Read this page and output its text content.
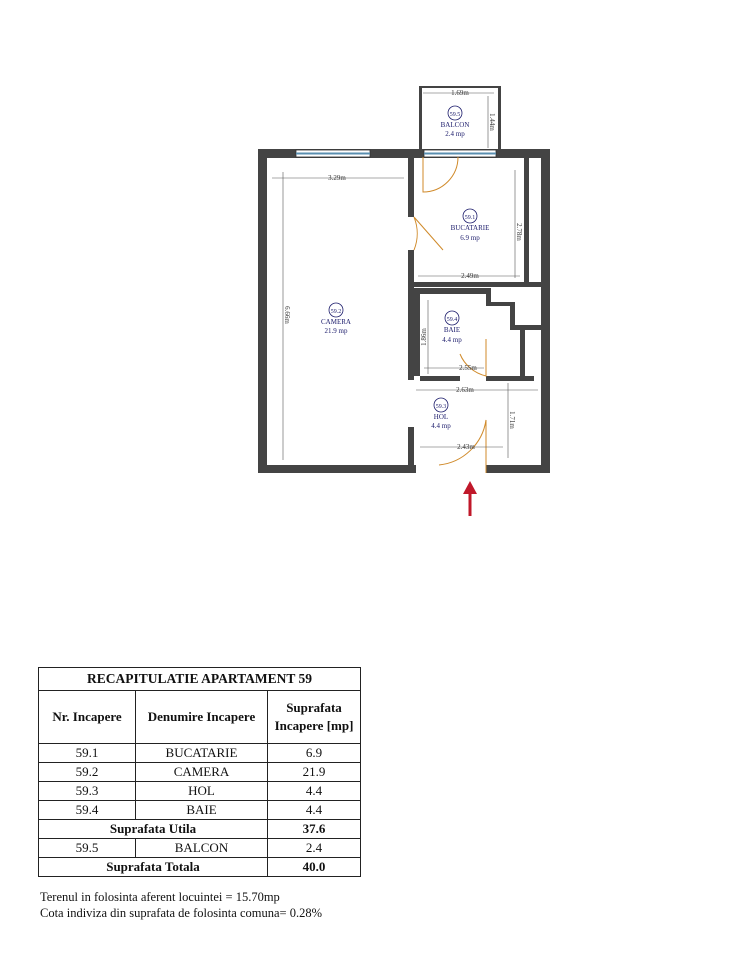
1.69m
1.44m
3.29m
6.66m
2.78m
2.49m
1.86m
2.55m
2.63m
1.71m
2.43m
59.5
BALCON
2.4 mp
59.1
BUCATARIE
6.9 mp
59.2
CAMERA
21.9 mp
59.4
BAIE
4.4 mp
59.3
HOL
4.4 mp
RECAPITULATIE APARTAMENT 59		
Nr. Incapere	Denumire Incapere	Suprafata
Incapere [mp]

59.1	BUCATARIE	6.9
59.2	CAMERA	21.9
59.3	HOL	4.4
59.4	BAIE	4.4
Suprafata Utila		37.6
59.5	BALCON	2.4
Suprafata Totala		40.0
Terenul in folosinta aferent locuintei = 15.70mp
Cota indiviza din suprafata de folosinta comuna= 0.28%
